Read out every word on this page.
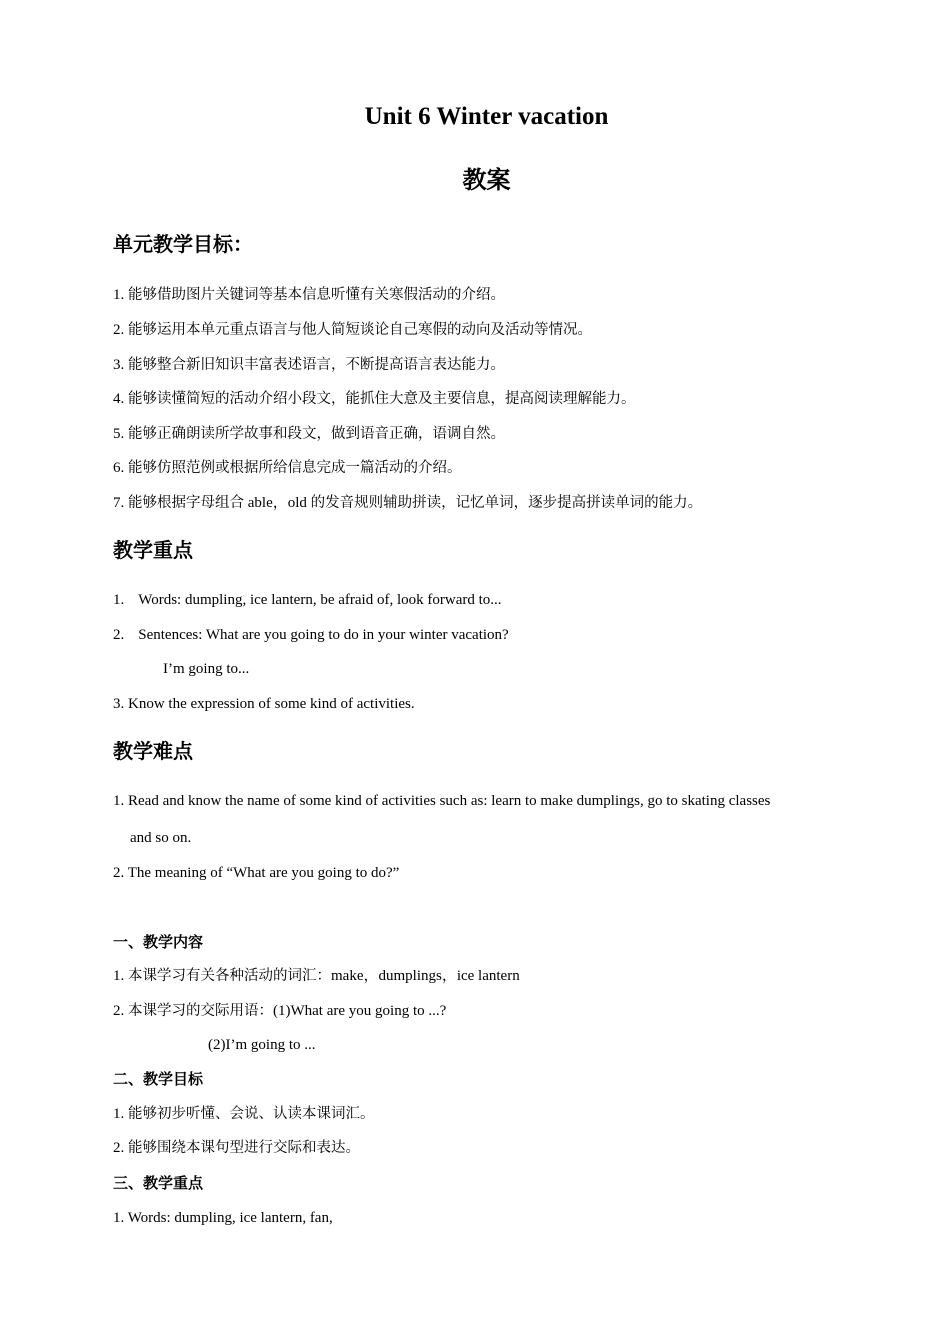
Unit 6 Winter vacation
教案
单元教学目标：
1. 能够借助图片关键词等基本信息听懂有关寒假活动的介绍。
2. 能够运用本单元重点语言与他人简短谈论自己寒假的动向及活动等情况。
3. 能够整合新旧知识丰富表述语言，不断提高语言表达能力。
4. 能够读懂简短的活动介绍小段文，能抓住大意及主要信息，提高阅读理解能力。
5. 能够正确朗读所学故事和段文，做到语音正确，语调自然。
6. 能够仿照范例或根据所给信息完成一篇活动的介绍。
7. 能够根据字母组合 able，old 的发音规则辅助拼读，记忆单词，逐步提高拼读单词的能力。
教学重点
1. Words: dumpling, ice lantern, be afraid of, look forward to...
2. Sentences: What are you going to do in your winter vacation?
I’m going to...
3. Know the expression of some kind of activities.
教学难点
1. Read and know the name of some kind of activities such as: learn to make dumplings, go to skating classes
and so on.
2. The meaning of “What are you going to do?”
一、教学内容
1. 本课学习有关各种活动的词汇：make，dumplings，ice lantern
2. 本课学习的交际用语：(1)What are you going to ...?
(2)I’m going to ...
二、教学目标
1. 能够初步听懂、会说、认读本课词汇。
2. 能够围绕本课句型进行交际和表达。
三、教学重点
1. Words: dumpling, ice lantern, fan,
